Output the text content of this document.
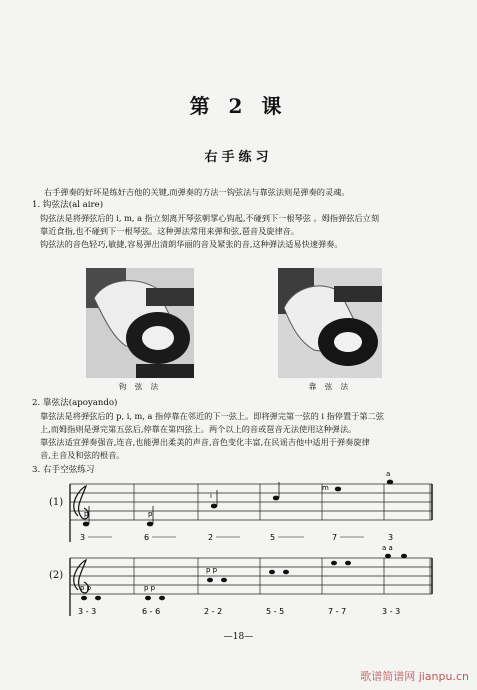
第 2 课
右手练习
右手弹奏的好坏是练好吉他的关键,而弹奏的方法一钩弦法与靠弦法则是弹奏的灵魂。
1. 钩弦法(al aire)
钩弦法是将弹弦后的 i, m, a 指立刻离开琴弦朝掌心钩起,不碰到下一根琴弦 。姆指弹弦后立刻
靠近食指,也不碰到下一根琴弦。这种弹法常用来弹和弦,琶音及旋律音。
钩弦法的音色轻巧,敏捷,容易弹出清朗华丽的音及紧张的音,这种弹法适易快速弹奏。
钩 弦 法	靠 弦 法
2. 靠弦法(apoyando)
靠弦法是将弹弦后的 p, i, m, a 指停靠在邻近的下一弦上。即将弹完第一弦的 i 指停置于第二弦
上,而姆指则是弹完第五弦后,停靠在第四弦上。两个以上的音或琶音无法使用这种弹法。
靠弦法适宜弹奏强音,连音,也能弹出柔美的声音,音色变化丰富,在民谣吉他中适用于弹奏旋律
音,主音及和弦的根音。
3. 右手空弦练习
(1)
p	p
i
m
a
3	6	2	5	7	3
(2)
p p	p p
p p
a a
3 - 3	6 - 6	2 - 2	5 - 5	7 - 7	3 - 3
—18—
歌谱简谱网 jianpu.cn
